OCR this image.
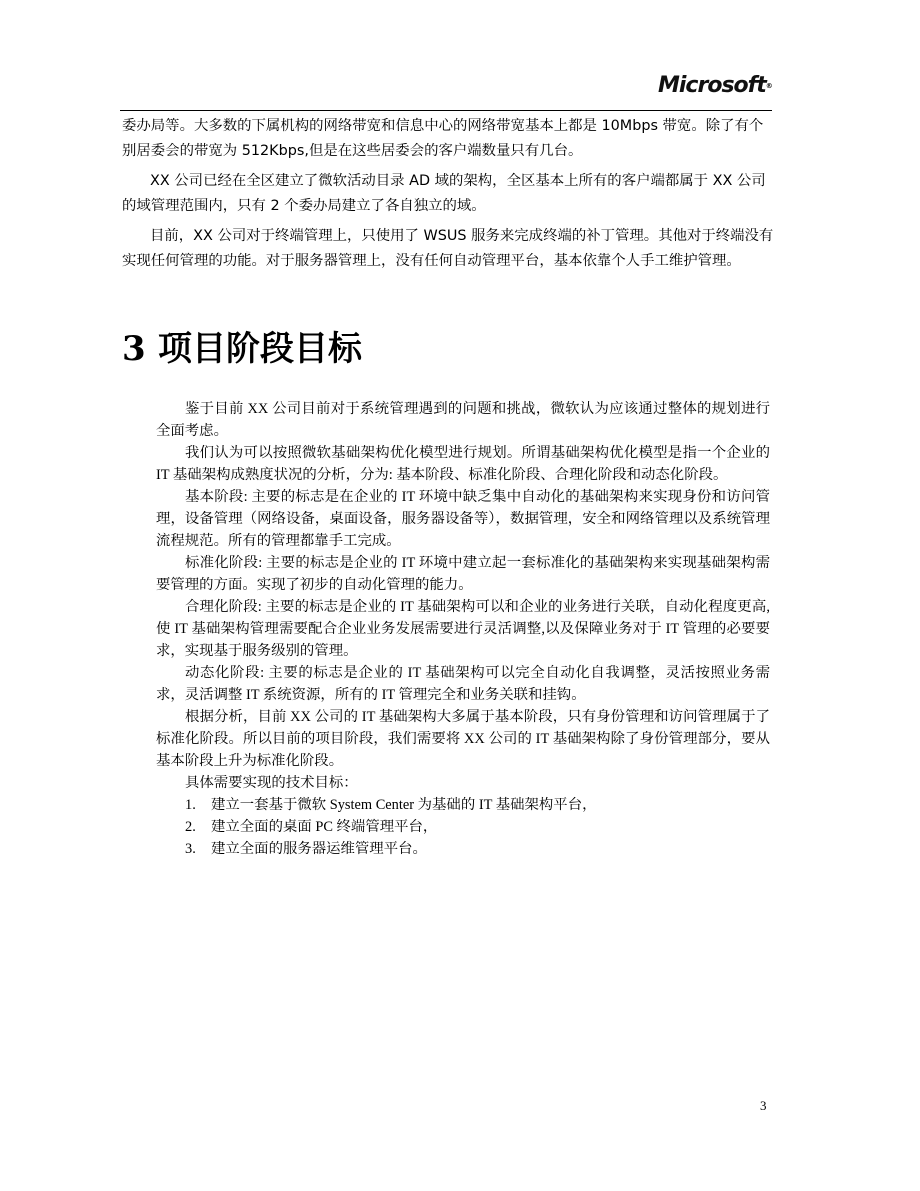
Microsoft®
委办局等。大多数的下属机构的网络带宽和信息中心的网络带宽基本上都是 10Mbps 带宽。除了有个别居委会的带宽为 512Kbps,但是在这些居委会的客户端数量只有几台。
XX 公司已经在全区建立了微软活动目录 AD 域的架构，全区基本上所有的客户端都属于 XX 公司的域管理范围内，只有 2 个委办局建立了各自独立的域。
目前，XX 公司对于终端管理上，只使用了 WSUS 服务来完成终端的补丁管理。其他对于终端没有实现任何管理的功能。对于服务器管理上，没有任何自动管理平台，基本依靠个人手工维护管理。
3 项目阶段目标

鉴于目前 XX 公司目前对于系统管理遇到的问题和挑战，微软认为应该通过整体的规划进行全面考虑。

我们认为可以按照微软基础架构优化模型进行规划。所谓基础架构优化模型是指一个企业的 IT 基础架构成熟度状况的分析，分为: 基本阶段、标准化阶段、合理化阶段和动态化阶段。

基本阶段: 主要的标志是在企业的 IT 环境中缺乏集中自动化的基础架构来实现身份和访问管理，设备管理（网络设备，桌面设备，服务器设备等），数据管理，安全和网络管理以及系统管理流程规范。所有的管理都靠手工完成。

标准化阶段: 主要的标志是企业的 IT 环境中建立起一套标准化的基础架构来实现基础架构需要管理的方面。实现了初步的自动化管理的能力。

合理化阶段: 主要的标志是企业的 IT 基础架构可以和企业的业务进行关联，自动化程度更高,使 IT 基础架构管理需要配合企业业务发展需要进行灵活调整,以及保障业务对于 IT 管理的必要要求，实现基于服务级别的管理。

动态化阶段: 主要的标志是企业的 IT 基础架构可以完全自动化自我调整，灵活按照业务需求，灵活调整 IT 系统资源，所有的 IT 管理完全和业务关联和挂钩。

根据分析，目前 XX 公司的 IT 基础架构大多属于基本阶段，只有身份管理和访问管理属于了标准化阶段。所以目前的项目阶段，我们需要将 XX 公司的 IT 基础架构除了身份管理部分，要从基本阶段上升为标准化阶段。

具体需要实现的技术目标：

1. 建立一套基于微软 System Center 为基础的 IT 基础架构平台，
2. 建立全面的桌面 PC 终端管理平台，
3. 建立全面的服务器运维管理平台。
3
